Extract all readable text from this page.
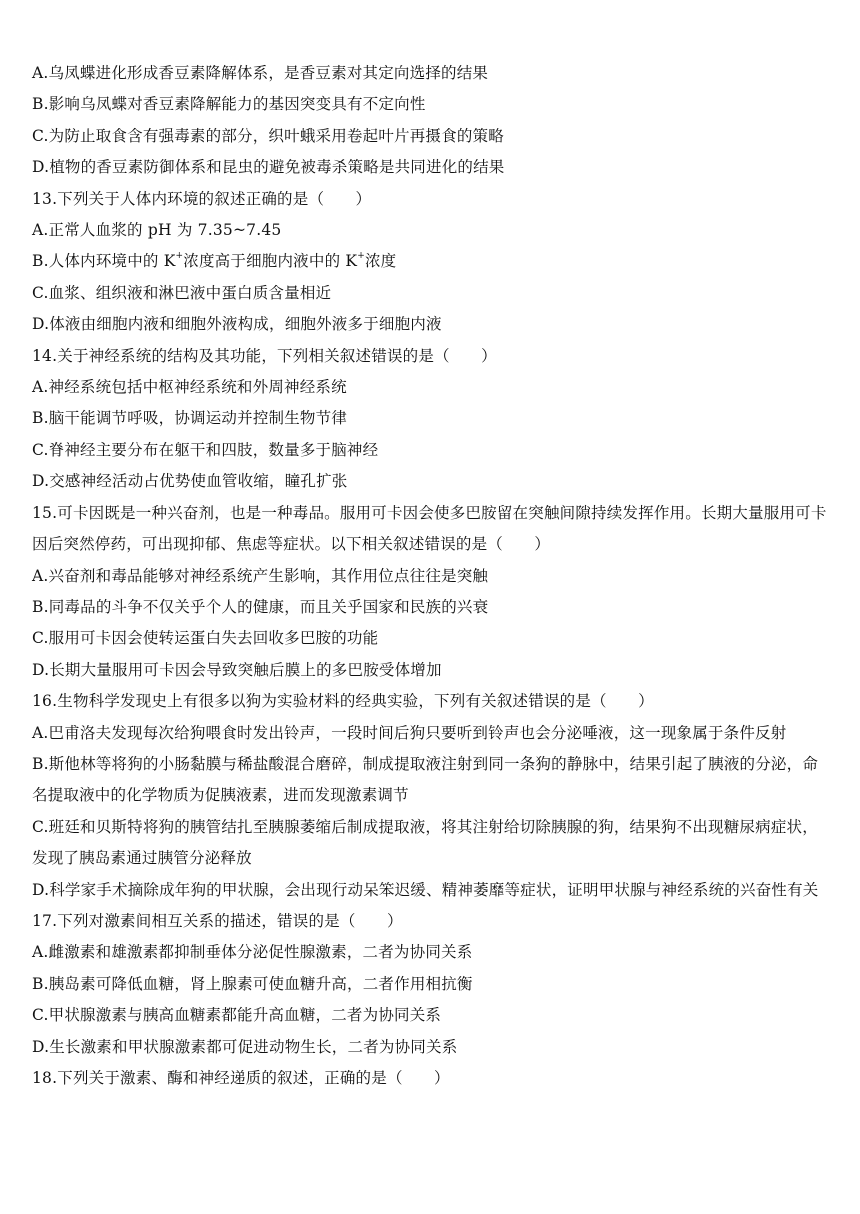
A.乌凤蝶进化形成香豆素降解体系，是香豆素对其定向选择的结果

B.影响乌凤蝶对香豆素降解能力的基因突变具有不定向性

C.为防止取食含有强毒素的部分，织叶蛾采用卷起叶片再摄食的策略

D.植物的香豆素防御体系和昆虫的避免被毒杀策略是共同进化的结果

13.下列关于人体内环境的叙述正确的是（　　）

A.正常人血浆的 pH 为 7.35~7.45

B.人体内环境中的 K+浓度高于细胞内液中的 K+浓度

C.血浆、组织液和淋巴液中蛋白质含量相近

D.体液由细胞内液和细胞外液构成，细胞外液多于细胞内液

14.关于神经系统的结构及其功能，下列相关叙述错误的是（　　）

A.神经系统包括中枢神经系统和外周神经系统

B.脑干能调节呼吸，协调运动并控制生物节律

C.脊神经主要分布在躯干和四肢，数量多于脑神经

D.交感神经活动占优势使血管收缩，瞳孔扩张

15.可卡因既是一种兴奋剂，也是一种毒品。服用可卡因会使多巴胺留在突触间隙持续发挥作用。长期大量服用可卡因后突然停药，可出现抑郁、焦虑等症状。以下相关叙述错误的是（　　）

A.兴奋剂和毒品能够对神经系统产生影响，其作用位点往往是突触

B.同毒品的斗争不仅关乎个人的健康，而且关乎国家和民族的兴衰

C.服用可卡因会使转运蛋白失去回收多巴胺的功能

D.长期大量服用可卡因会导致突触后膜上的多巴胺受体增加

16.生物科学发现史上有很多以狗为实验材料的经典实验，下列有关叙述错误的是（　　）

A.巴甫洛夫发现每次给狗喂食时发出铃声，一段时间后狗只要听到铃声也会分泌唾液，这一现象属于条件反射

B.斯他林等将狗的小肠黏膜与稀盐酸混合磨碎，制成提取液注射到同一条狗的静脉中，结果引起了胰液的分泌，命名提取液中的化学物质为促胰液素，进而发现激素调节

C.班廷和贝斯特将狗的胰管结扎至胰腺萎缩后制成提取液，将其注射给切除胰腺的狗，结果狗不出现糖尿病症状，发现了胰岛素通过胰管分泌释放

D.科学家手术摘除成年狗的甲状腺，会出现行动呆笨迟缓、精神萎靡等症状，证明甲状腺与神经系统的兴奋性有关

17.下列对激素间相互关系的描述，错误的是（　　）

A.雌激素和雄激素都抑制垂体分泌促性腺激素，二者为协同关系

B.胰岛素可降低血糖，肾上腺素可使血糖升高，二者作用相抗衡

C.甲状腺激素与胰高血糖素都能升高血糖，二者为协同关系

D.生长激素和甲状腺激素都可促进动物生长，二者为协同关系

18.下列关于激素、酶和神经递质的叙述，正确的是（　　）
